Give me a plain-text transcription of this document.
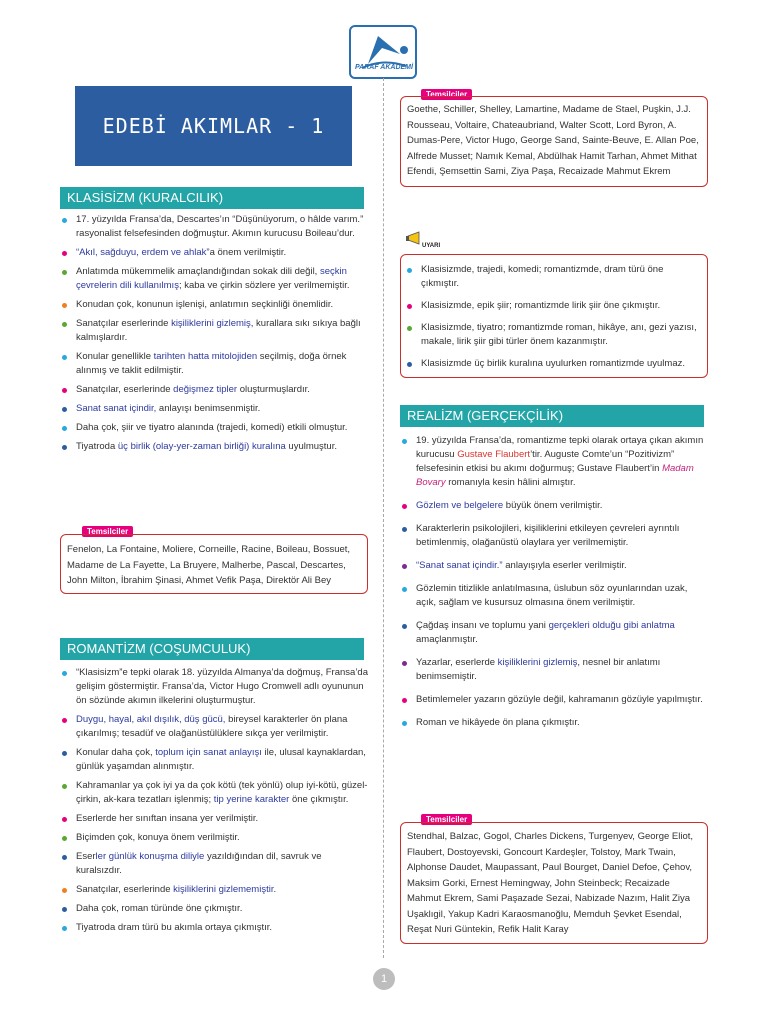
PARAF AKADEMİ
EDEBİ AKIMLAR - 1
KLASİSİZM (KURALCILIK)
17. yüzyılda Fransa’da, Descartes’ın “Düşünüyorum, o hâlde varım.” rasyonalist felsefesinden doğmuştur. Akımın kurucusu Boileau’dur.
“Akıl, sağduyu, erdem ve ahlak”a önem verilmiştir.
Anlatımda mükemmelik amaçlandığından sokak dili değil, seçkin çevrelerin dili kullanılmış; kaba ve çirkin sözlere yer verilmemiştir.
Konudan çok, konunun işlenişi, anlatımın seçkinliği önemlidir.
Sanatçılar eserlerinde kişiliklerini gizlemiş, kurallara sıkı sıkıya bağlı kalmışlardır.
Konular genellikle tarihten hatta mitolojiden seçilmiş, doğa örnek alınmış ve taklit edilmiştir.
Sanatçılar, eserlerinde değişmez tipler oluşturmuşlardır.
Sanat sanat içindir, anlayışı benimsenmiştir.
Daha çok, şiir ve tiyatro alanında (trajedi, komedi) etkili olmuştur.
Tiyatroda üç birlik (olay-yer-zaman birliği) kuralına uyulmuştur.
Temsilciler
Fenelon, La Fontaine, Moliere, Corneille, Racine, Boileau, Bossuet, Madame de La Fayette, La Bruyere, Malherbe, Pascal, Descartes, John Milton, İbrahim Şinasi, Ahmet Vefik Paşa, Direktör Ali Bey
ROMANTİZM (COŞUMCULUK)
“Klasisizm”e tepki olarak 18. yüzyılda Almanya’da doğmuş, Fransa’da gelişim göstermiştir. Fransa’da, Victor Hugo Cromwell adlı oyununun ön sözünde akımın ilkelerini oluşturmuştur.
Duygu, hayal, akıl dışılık, düş gücü, bireysel karakterler ön plana çıkarılmış; tesadüf ve olağanüstülüklere sıkça yer verilmiştir.
Konular daha çok, toplum için sanat anlayışı ile, ulusal kaynaklardan, günlük yaşamdan alınmıştır.
Kahramanlar ya çok iyi ya da çok kötü (tek yönlü) olup iyi-kötü, güzel-çirkin, ak-kara tezatları işlenmiş; tip yerine karakter öne çıkmıştır.
Eserlerde her sınıftan insana yer verilmiştir.
Biçimden çok, konuya önem verilmiştir.
Eserler günlük konuşma diliyle yazıldığından dil, savruk ve kuralsızdır.
Sanatçılar, eserlerinde kişiliklerini gizlememiştir.
Daha çok, roman türünde öne çıkmıştır.
Tiyatroda dram türü bu akımla ortaya çıkmıştır.
Temsilciler
Goethe, Schiller, Shelley, Lamartine, Madame de Stael, Puşkin, J.J. Rousseau, Voltaire, Chateaubriand, Walter Scott, Lord Byron, A. Dumas-Pere, Victor Hugo, George Sand, Sainte-Beuve, E. Allan Poe, Alfrede Musset; Namık Kemal, Abdülhak Hamit Tarhan, Ahmet Mithat Efendi, Şemsettin Sami, Ziya Paşa, Recaizade Mahmut Ekrem
UYARI
Klasisizmde, trajedi, komedi; romantizmde, dram türü öne çıkmıştır.
Klasisizmde, epik şiir; romantizmde lirik şiir öne çıkmıştır.
Klasisizmde, tiyatro; romantizmde roman, hikâye, anı, gezi yazısı, makale, lirik şiir gibi türler önem kazanmıştır.
Klasisizmde üç birlik kuralına uyulurken romantizmde uyulmaz.
REALİZM (GERÇEKÇİLİK)
19. yüzyılda Fransa’da, romantizme tepki olarak ortaya çıkan akımın kurucusu Gustave Flaubert’tir. Auguste Comte’un “Pozitivizm” felsefesinin etkisi bu akımı doğurmuş; Gustave Flaubert’in Madam Bovary romanıyla kesin hâlini almıştır.
Gözlem ve belgelere büyük önem verilmiştir.
Karakterlerin psikolojileri, kişiliklerini etkileyen çevreleri ayrıntılı betimlenmiş, olağanüstü olaylara yer verilmemiştir.
“Sanat sanat içindir.” anlayışıyla eserler verilmiştir.
Gözlemin titizlikle anlatılmasına, üslubun söz oyunlarından uzak, açık, sağlam ve kusursuz olmasına önem verilmiştir.
Çağdaş insanı ve toplumu yani gerçekleri olduğu gibi anlatma amaçlanmıştır.
Yazarlar, eserlerde kişiliklerini gizlemiş, nesnel bir anlatımı benimsemiştir.
Betimlemeler yazarın gözüyle değil, kahramanın gözüyle yapılmıştır.
Roman ve hikâyede ön plana çıkmıştır.
Temsilciler
Stendhal, Balzac, Gogol, Charles Dickens, Turgenyev, George Eliot, Flaubert, Dostoyevski, Goncourt Kardeşler, Tolstoy, Mark Twain, Alphonse Daudet, Maupassant, Paul Bourget, Daniel Defoe, Çehov, Maksim Gorki, Ernest Hemingway, John Steinbeck; Recaizade Mahmut Ekrem, Sami Paşazade Sezai, Nabizade Nazım, Halit Ziya Uşaklıgil, Yakup Kadri Karaosmanoğlu, Memduh Şevket Esendal, Reşat Nuri Güntekin, Refik Halit Karay
1
